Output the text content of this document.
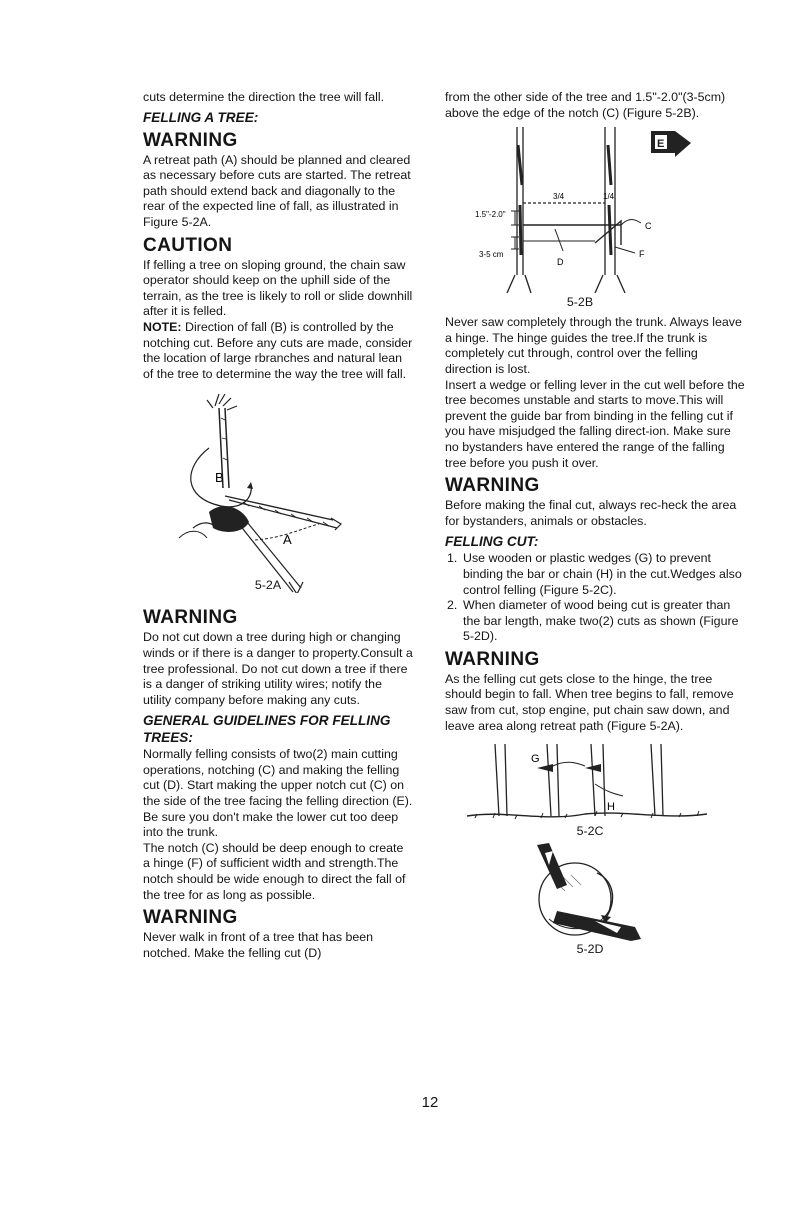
cuts determine the direction the tree will fall.

FELLING A TREE:
WARNING

A retreat path (A) should be planned and cleared as necessary before cuts are started. The retreat path should extend back and diagonally to the rear of the expected line of fall, as illustrated in Figure 5-2A.

CAUTION

If felling a tree on sloping ground, the chain saw operator should keep on the uphill side of the terrain, as the tree is likely to roll or slide downhill after it is felled.

NOTE: Direction of fall (B) is controlled by the notching cut. Before any cuts are made, consider the location of large rbranches and natural lean of the tree to determine the way the tree will fall.

B
A
5-2A
WARNING

Do not cut down a tree during high or changing winds or if there is a danger to property.Consult a tree professional. Do not cut down a tree if there is a danger of striking utility wires; notify the utility company before making any cuts.

GENERAL GUIDELINES FOR FELLING TREES:

Normally felling consists of two(2) main cutting operations, notching (C) and making the felling cut (D). Start making the upper notch cut (C) on the side of the tree facing the felling direction (E). Be sure you don't make the lower cut too deep into the trunk.

The notch (C) should be deep enough to create a hinge (F) of sufficient width and strength.The notch should be wide enough to direct the fall of the tree for as long as possible.

WARNING

Never walk in front of a tree that has been notched. Make the felling cut (D)

from the other side of the tree and 1.5"-2.0"(3-5cm) above the edge of the notch (C) (Figure 5-2B).

1.5"-2.0"
3-5 cm
3/4	1/4
C
D
F
E
5-2B

Never saw completely through the trunk. Always leave a hinge. The hinge guides the tree.If the trunk is completely cut through, control over the felling direction is lost.

Insert a wedge or felling lever in the cut well before the tree becomes unstable and starts to move.This will prevent the guide bar from binding in the felling cut if you have misjudged the falling direct-ion. Make sure no bystanders have entered the range of the falling tree before you push it over.

WARNING

Before making the final cut, always rec-heck the area for bystanders, animals or obstacles.

FELLING CUT:
1. Use wooden or plastic wedges (G) to prevent binding the bar or chain (H) in the cut.Wedges also control felling (Figure 5-2C).
2. When diameter of wood being cut is greater than the bar length, make two(2) cuts as shown (Figure 5-2D).
WARNING

As the felling cut gets close to the hinge, the tree should begin to fall. When tree begins to fall, remove saw from cut, stop engine, put chain saw down, and leave area along retreat path (Figure 5-2A).

G
H
5-2C
5-2D
12
